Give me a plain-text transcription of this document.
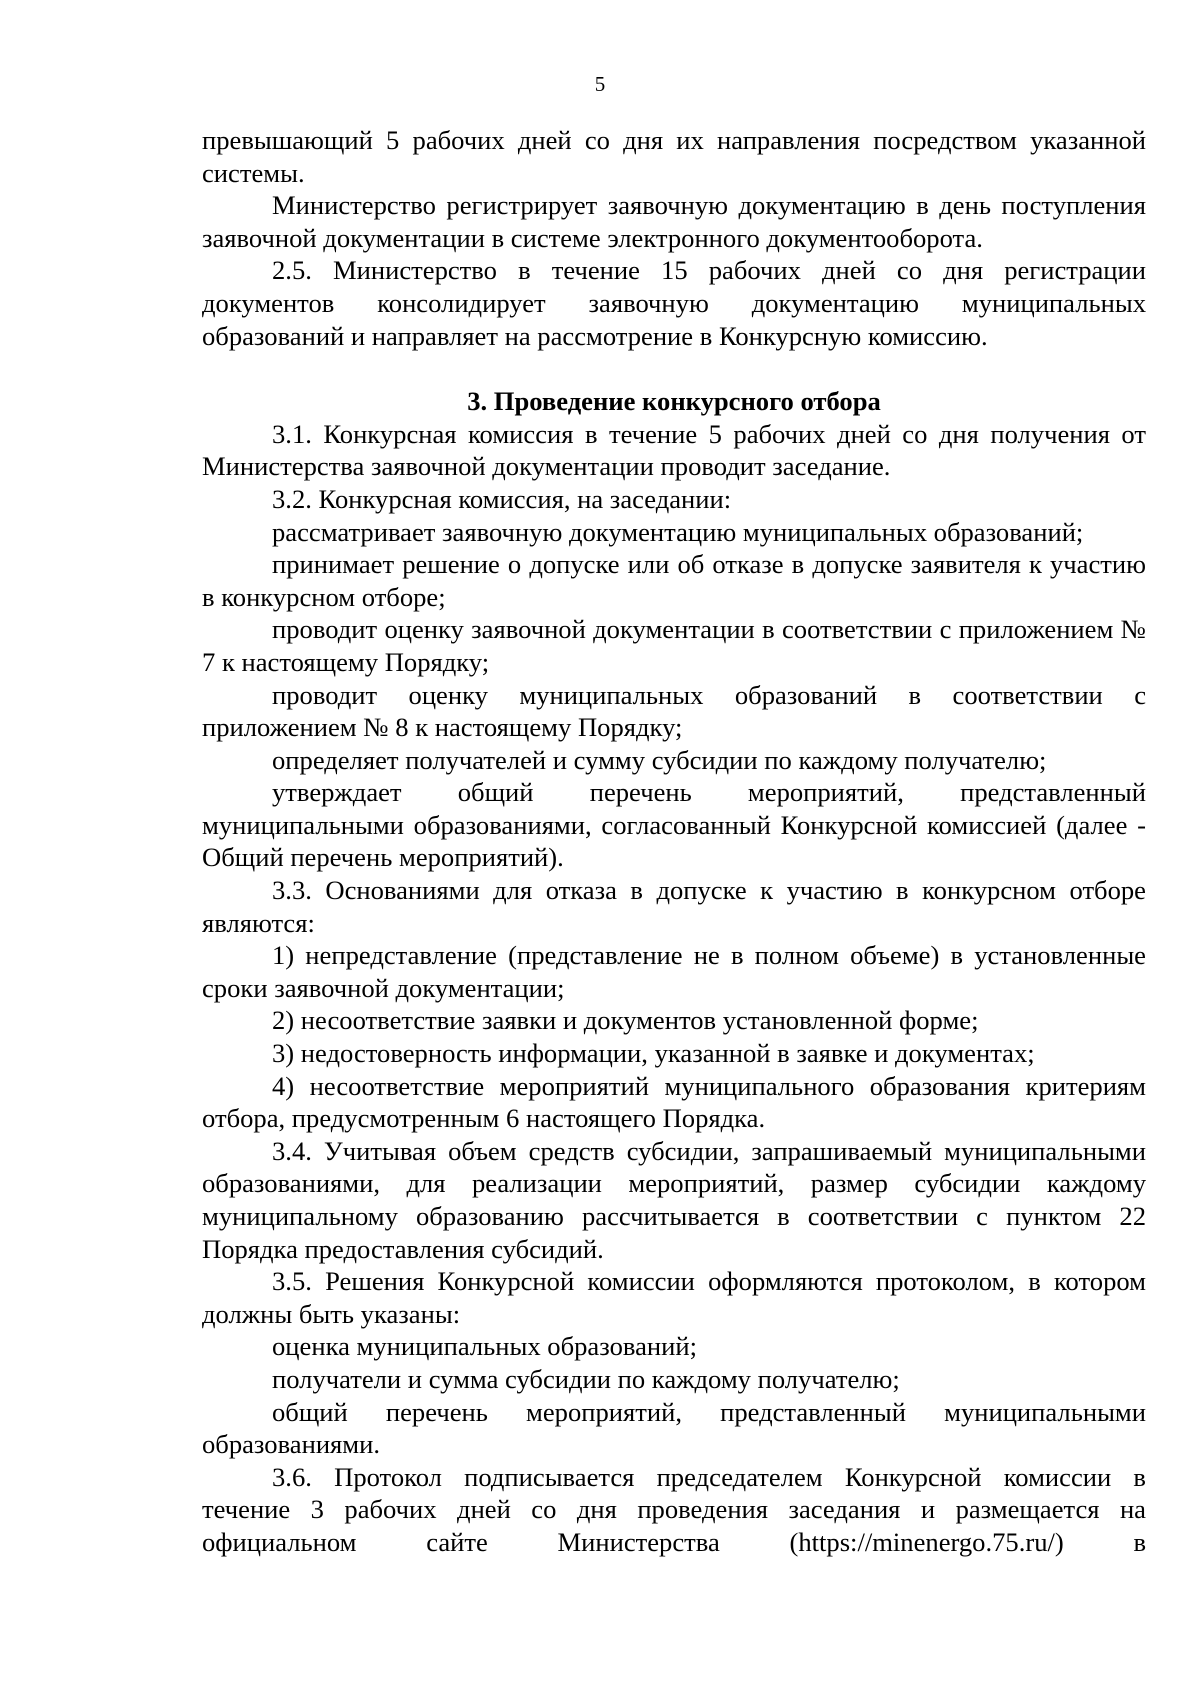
5

превышающий 5 рабочих дней со дня их направления посредством указанной системы.

Министерство регистрирует заявочную документацию в день поступления заявочной документации в системе электронного документооборота.

2.5. Министерство в течение 15 рабочих дней со дня регистрации документов консолидирует заявочную документацию муниципальных образований и направляет на рассмотрение в Конкурсную комиссию.

3. Проведение конкурсного отбора

3.1. Конкурсная комиссия в течение 5 рабочих дней со дня получения от Министерства заявочной документации проводит заседание.

3.2. Конкурсная комиссия, на заседании:

рассматривает заявочную документацию муниципальных образований;

принимает решение о допуске или об отказе в допуске заявителя к участию в конкурсном отборе;

проводит оценку заявочной документации в соответствии с приложением № 7 к настоящему Порядку;

проводит оценку муниципальных образований в соответствии с приложением № 8 к настоящему Порядку;

определяет получателей и сумму субсидии по каждому получателю;

утверждает общий перечень мероприятий, представленный муниципальными образованиями, согласованный Конкурсной комиссией (далее - Общий перечень мероприятий).

3.3. Основаниями для отказа в допуске к участию в конкурсном отборе являются:

1) непредставление (представление не в полном объеме) в установленные сроки заявочной документации;

2) несоответствие заявки и документов установленной форме;

3) недостоверность информации, указанной в заявке и документах;

4) несоответствие мероприятий муниципального образования критериям отбора, предусмотренным 6 настоящего Порядка.

3.4. Учитывая объем средств субсидии, запрашиваемый муниципальными образованиями, для реализации мероприятий, размер субсидии каждому муниципальному образованию рассчитывается в соответствии с пунктом 22 Порядка предоставления субсидий.

3.5. Решения Конкурсной комиссии оформляются протоколом, в котором должны быть указаны:

оценка муниципальных образований;

получатели и сумма субсидии по каждому получателю;

общий перечень мероприятий, представленный муниципальными образованиями.

3.6. Протокол подписывается председателем Конкурсной комиссии в течение 3 рабочих дней со дня проведения заседания и размещается на официальном сайте Министерства (https://minenergo.75.ru/) в
